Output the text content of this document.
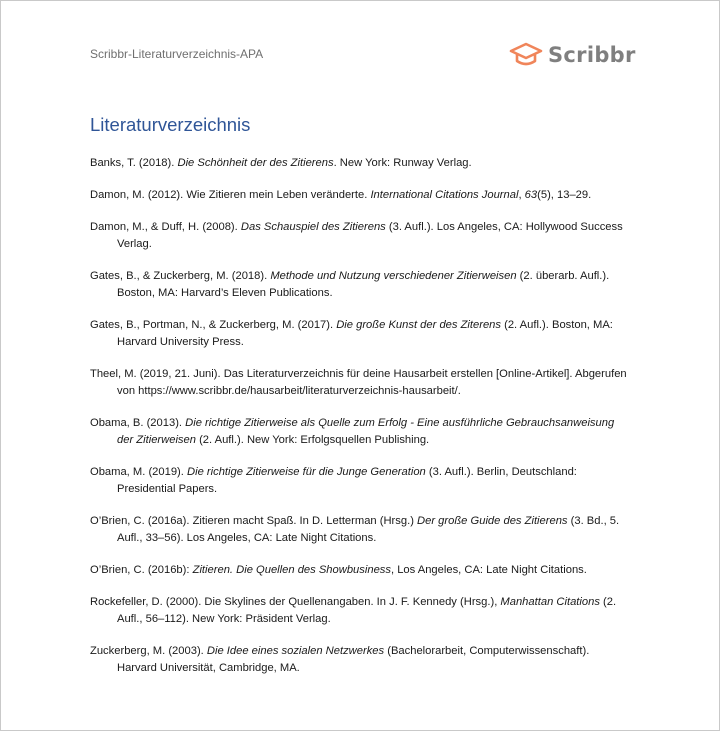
Scribbr-Literaturverzeichnis-APA	Scribbr
Literaturverzeichnis
Banks, T. (2018). Die Schönheit der des Zitierens. New York: Runway Verlag.
Damon, M. (2012). Wie Zitieren mein Leben veränderte. International Citations Journal, 63(5), 13–29.
Damon, M., & Duff, H. (2008). Das Schauspiel des Zitierens (3. Aufl.). Los Angeles, CA: Hollywood Success Verlag.
Gates, B., & Zuckerberg, M. (2018). Methode und Nutzung verschiedener Zitierweisen (2. überarb. Aufl.). Boston, MA: Harvard’s Eleven Publications.
Gates, B., Portman, N., & Zuckerberg, M. (2017). Die große Kunst der des Ziterens (2. Aufl.). Boston, MA: Harvard University Press.
Theel, M. (2019, 21. Juni). Das Literaturverzeichnis für deine Hausarbeit erstellen [Online-Artikel]. Abgerufen von https://www.scribbr.de/hausarbeit/literaturverzeichnis-hausarbeit/.
Obama, B. (2013). Die richtige Zitierweise als Quelle zum Erfolg - Eine ausführliche Gebrauchsanweisung der Zitierweisen (2. Aufl.). New York: Erfolgsquellen Publishing.
Obama, M. (2019). Die richtige Zitierweise für die Junge Generation (3. Aufl.). Berlin, Deutschland: Presidential Papers.
O’Brien, C. (2016a). Zitieren macht Spaß. In D. Letterman (Hrsg.) Der große Guide des Zitierens (3. Bd., 5. Aufl., 33–56). Los Angeles, CA: Late Night Citations.
O’Brien, C. (2016b): Zitieren. Die Quellen des Showbusiness, Los Angeles, CA: Late Night Citations.
Rockefeller, D. (2000). Die Skylines der Quellenangaben. In J. F. Kennedy (Hrsg.), Manhattan Citations (2. Aufl., 56–112). New York: Präsident Verlag.
Zuckerberg, M. (2003). Die Idee eines sozialen Netzwerkes (Bachelorarbeit, Computerwissenschaft). Harvard Universität, Cambridge, MA.
